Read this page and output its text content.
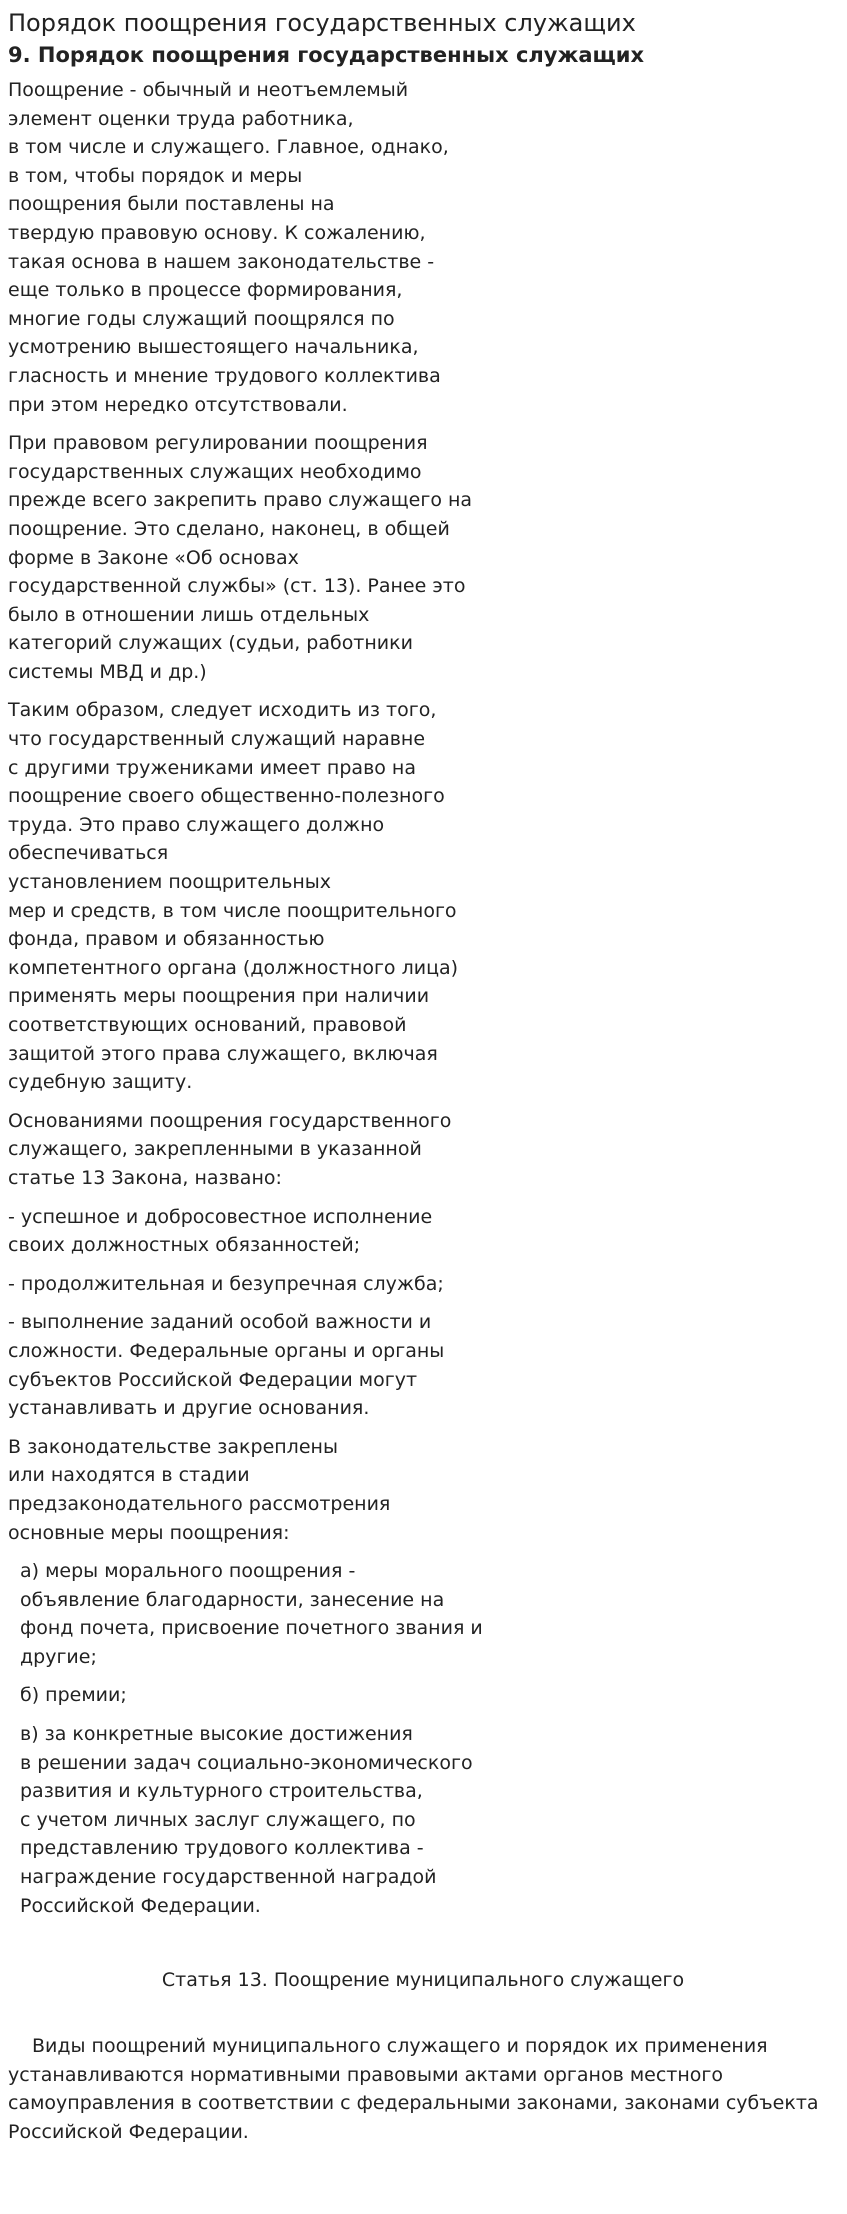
Порядок поощрения государственных служащих
9. Порядок поощрения государственных служащих

Поощрение - обычный и неотъемлемый
элемент оценки труда работника,
в том числе и служащего. Главное, однако,
в том, чтобы порядок и меры
поощрения были поставлены на
твердую правовую основу. К сожалению,
такая основа в нашем законодательстве -
еще только в процессе формирования,
многие годы служащий поощрялся по
усмотрению вышестоящего начальника,
гласность и мнение трудового коллектива
при этом нередко отсутствовали.

При правовом регулировании поощрения
государственных служащих необходимо
прежде всего закрепить право служащего на
поощрение. Это сделано, наконец, в общей
форме в Законе «Об основах
государственной службы» (ст. 13). Ранее это
было в отношении лишь отдельных
категорий служащих (судьи, работники
системы МВД и др.)

Таким образом, следует исходить из того,
что государственный служащий наравне
с другими тружениками имеет право на
поощрение своего общественно-полезного
труда. Это право служащего должно
обеспечиваться
установлением поощрительных
мер и средств, в том числе поощрительного
фонда, правом и обязанностью
компетентного органа (должностного лица)
применять меры поощрения при наличии
соответствующих оснований, правовой
защитой этого права служащего, включая
судебную защиту.

Основаниями поощрения государственного
служащего, закрепленными в указанной
статье 13 Закона, названо:

- успешное и добросовестное исполнение
своих должностных обязанностей;

- продолжительная и безупречная служба;

- выполнение заданий особой важности и
сложности. Федеральные органы и органы
субъектов Российской Федерации могут
устанавливать и другие основания.

В законодательстве закреплены
или находятся в стадии
предзаконодательного рассмотрения
основные меры поощрения:

а) меры морального поощрения -
объявление благодарности, занесение на
фонд почета, присвоение почетного звания и
другие;

б) премии;

в) за конкретные высокие достижения
в решении задач социально-экономического
развития и культурного строительства,
с учетом личных заслуг служащего, по
представлению трудового коллектива -
награждение государственной наградой
Российской Федерации.

Статья 13. Поощрение муниципального служащего
Виды поощрений муниципального служащего и порядок их применения
устанавливаются нормативными правовыми актами органов местного
самоуправления в соответствии с федеральными законами, законами субъекта
Российской Федерации.
